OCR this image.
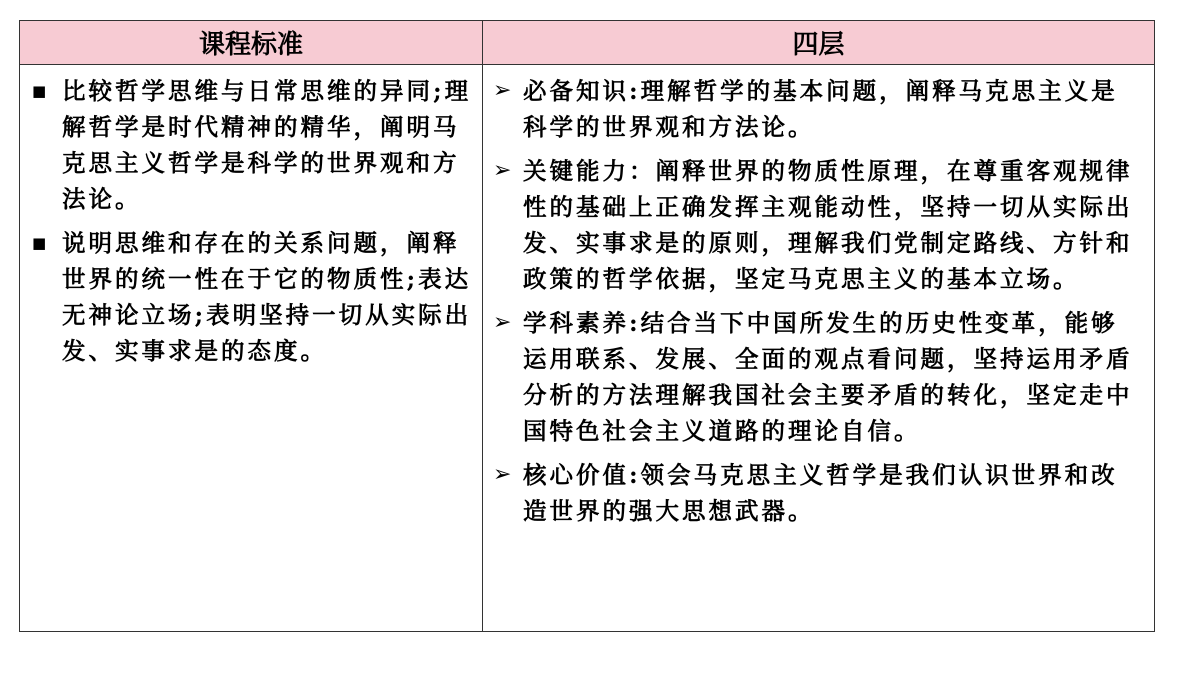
课程标准	四层
■ 比较哲学思维与日常思维的异同;理解哲学是时代精神的精华，阐明马克思主义哲学是科学的世界观和方法论。
■ 说明思维和存在的关系问题，阐释世界的统一性在于它的物质性;表达无神论立场;表明坚持一切从实际出发、实事求是的态度。
➢ 必备知识:理解哲学的基本问题，阐释马克思主义是科学的世界观和方法论。
➢ 关键能力：阐释世界的物质性原理，在尊重客观规律性的基础上正确发挥主观能动性，坚持一切从实际出发、实事求是的原则，理解我们党制定路线、方针和政策的哲学依据，坚定马克思主义的基本立场。
➢ 学科素养:结合当下中国所发生的历史性变革，能够运用联系、发展、全面的观点看问题，坚持运用矛盾分析的方法理解我国社会主要矛盾的转化，坚定走中国特色社会主义道路的理论自信。
➢ 核心价值:领会马克思主义哲学是我们认识世界和改造世界的强大思想武器。
